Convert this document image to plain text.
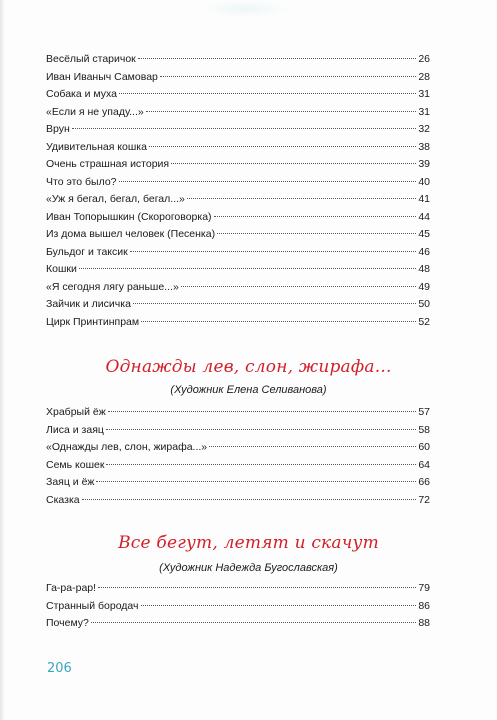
Весёлый старичок	26
Иван Иваныч Самовар	28
Собака и муха	31
«Если я не упаду...»	31
Врун	32
Удивительная кошка	38
Очень страшная история	39
Что это было?	40
«Уж я бегал, бегал, бегал...»	41
Иван Топорышкин (Скороговорка)	44
Из дома вышел человек (Песенка)	45
Бульдог и таксик	46
Кошки	48
«Я сегодня лягу раньше...»	49
Зайчик и лисичка	50
Цирк Принтинпрам	52
Однажды лев, слон, жирафа...
(Художник Елена Селиванова)
Храбрый ёж	57
Лиса и заяц	58
«Однажды лев, слон, жирафа...»	60
Семь кошек	64
Заяц и ёж	66
Сказка	72
Все бегут, летят и скачут
(Художник Надежда Бугославская)
Га-ра-рар!	79
Странный бородач	86
Почему?	88
206
